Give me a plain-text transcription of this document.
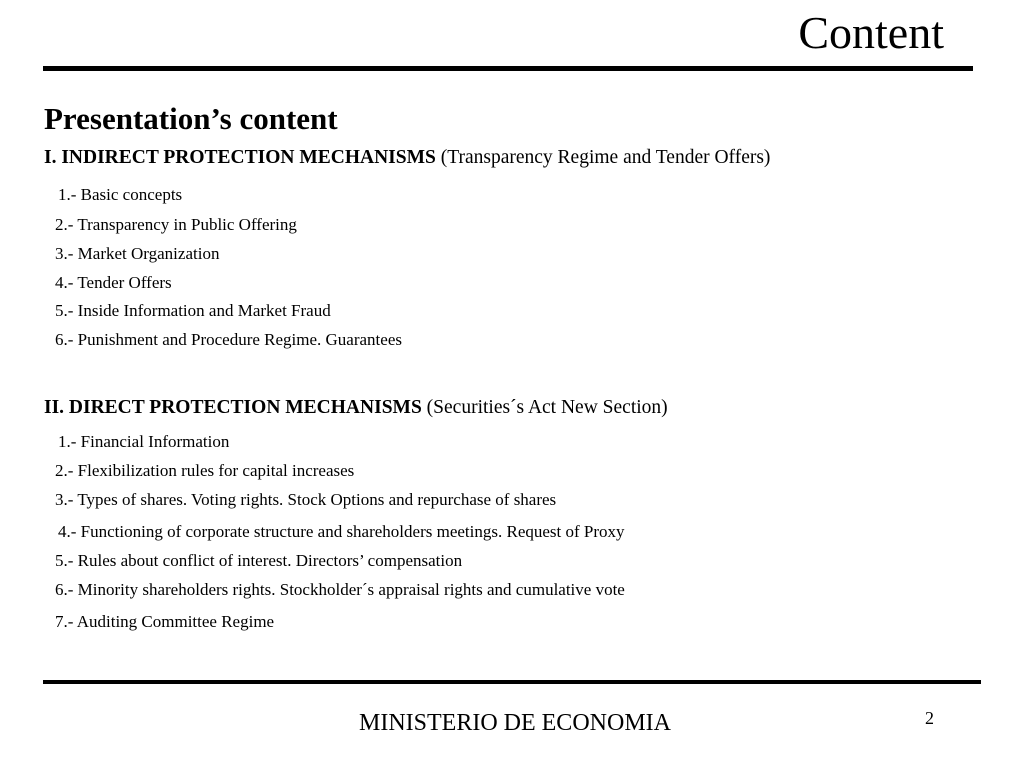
Content
Presentation’s content
I. INDIRECT PROTECTION MECHANISMS (Transparency Regime and Tender Offers)
1.- Basic concepts
2.- Transparency in Public Offering
3.- Market Organization
4.- Tender Offers
5.- Inside Information and Market Fraud
6.- Punishment and Procedure Regime. Guarantees
II. DIRECT PROTECTION MECHANISMS (Securities´s Act New Section)
1.- Financial Information
2.- Flexibilization rules for capital increases
3.- Types of shares. Voting rights. Stock Options and repurchase of shares
4.- Functioning of corporate structure and shareholders meetings. Request of Proxy
5.- Rules about conflict of interest. Directors’ compensation
6.- Minority shareholders rights. Stockholder´s appraisal rights and cumulative vote
7.- Auditing Committee Regime
MINISTERIO DE ECONOMIA	2
